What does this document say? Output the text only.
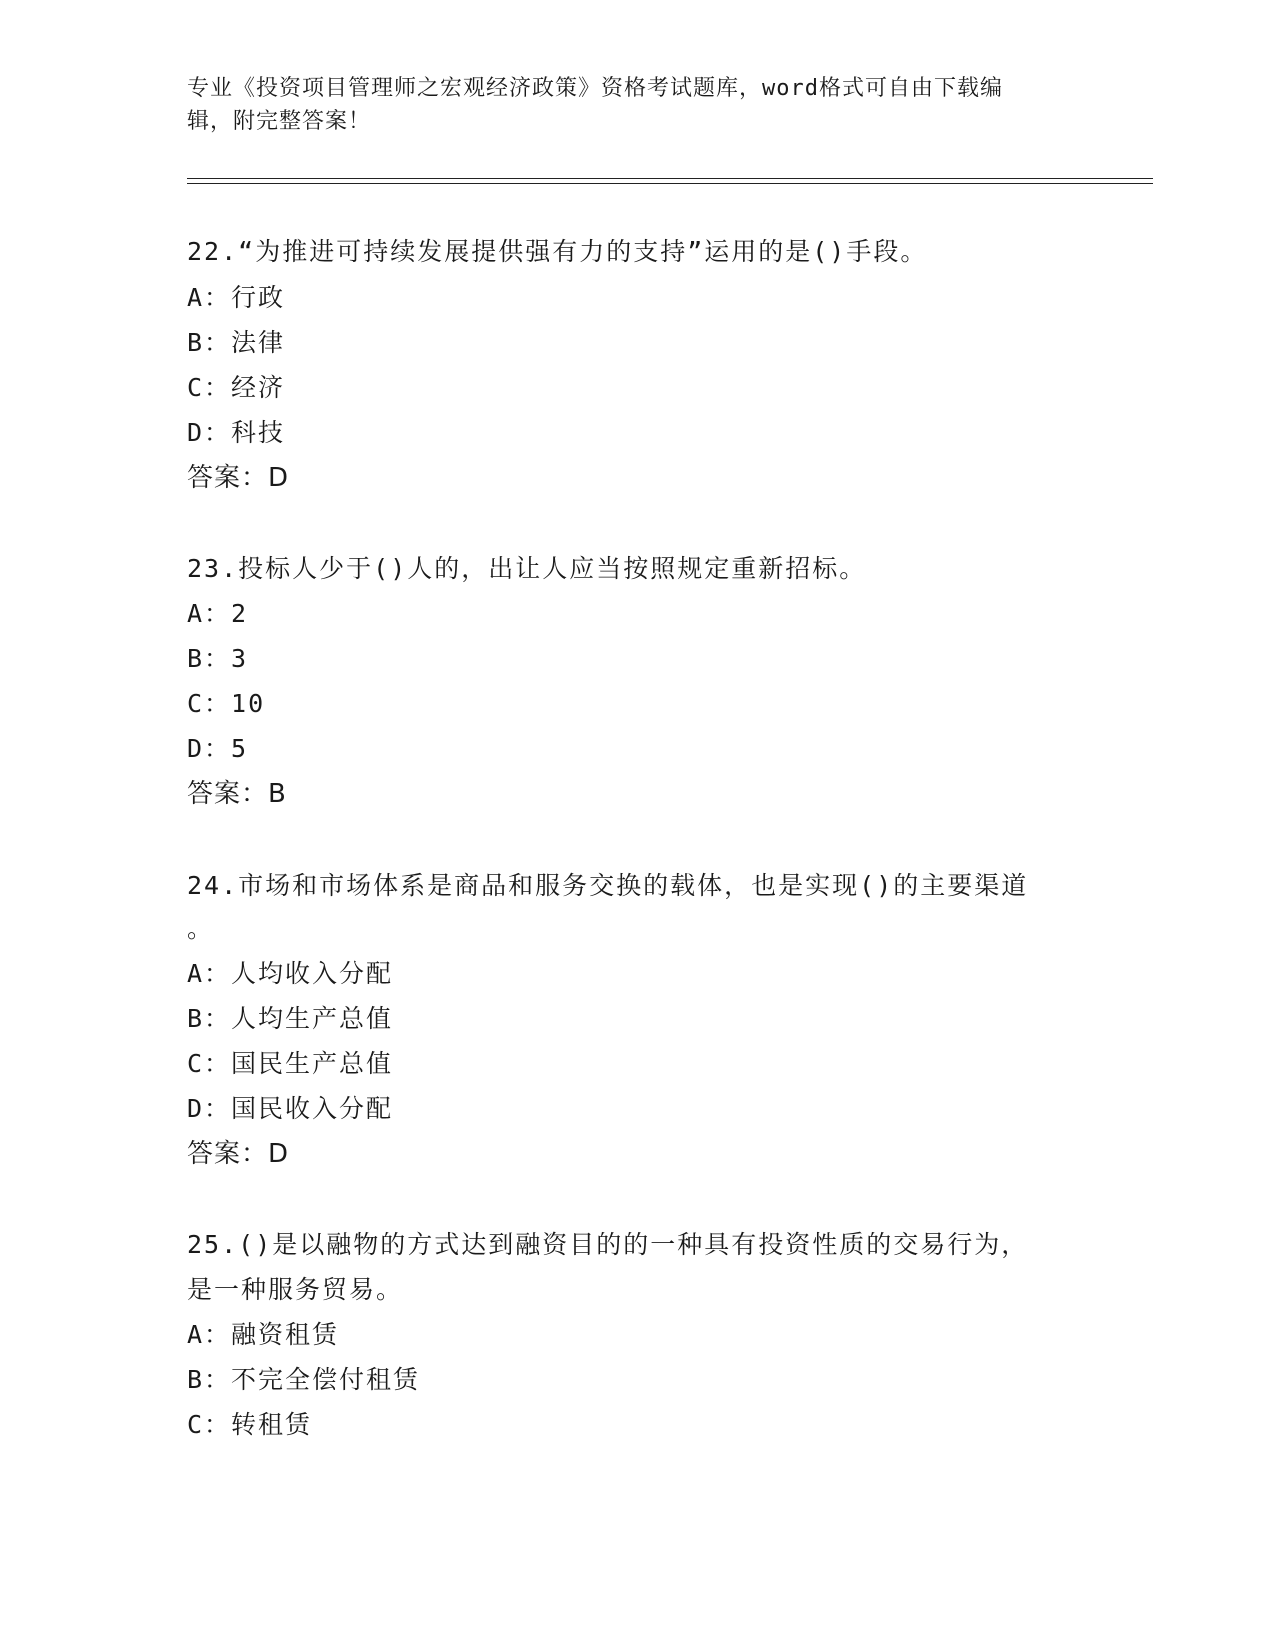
专业《投资项目管理师之宏观经济政策》资格考试题库，word格式可自由下载编
辑，附完整答案！
22.“为推进可持续发展提供强有力的支持”运用的是()手段。
A：行政
B：法律
C：经济
D：科技
答案：D
23.投标人少于()人的，出让人应当按照规定重新招标。
A：2
B：3
C：10
D：5
答案：B
24.市场和市场体系是商品和服务交换的载体，也是实现()的主要渠道
。
A：人均收入分配
B：人均生产总值
C：国民生产总值
D：国民收入分配
答案：D
25.()是以融物的方式达到融资目的的一种具有投资性质的交易行为，
是一种服务贸易。
A：融资租赁
B：不完全偿付租赁
C：转租赁
